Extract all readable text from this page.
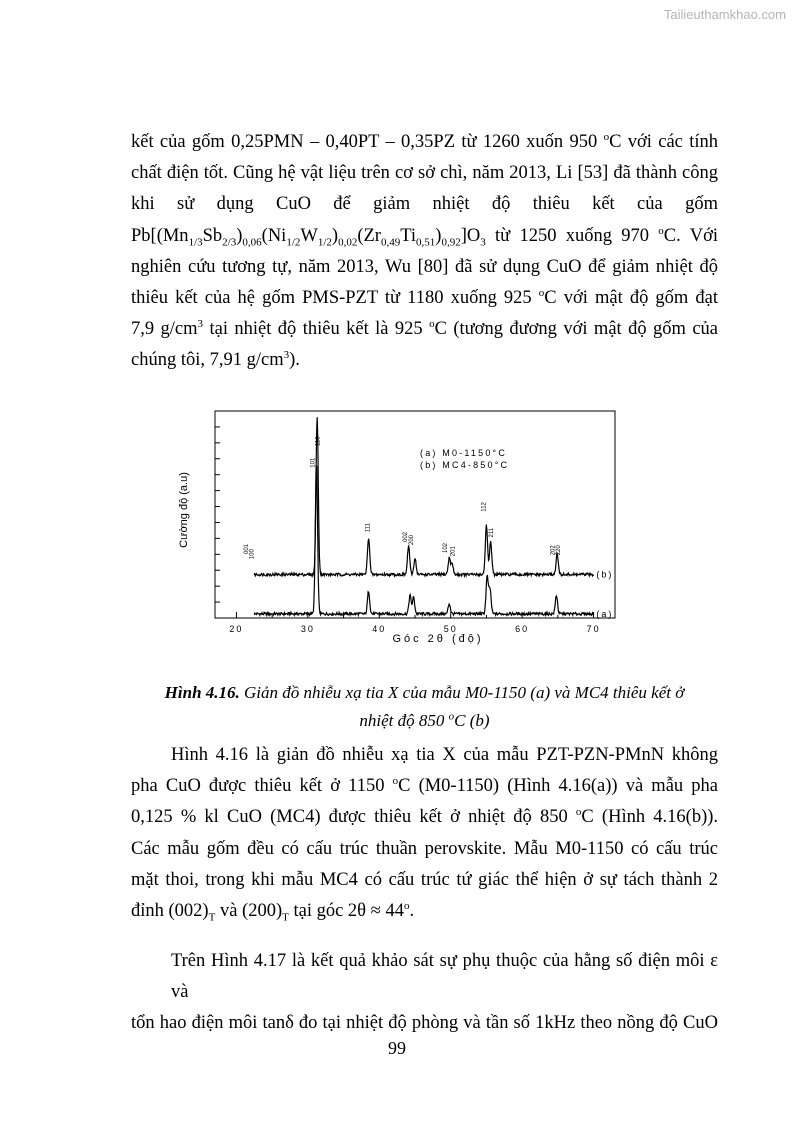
Tailieuthamkhao.com
kết của gốm 0,25PMN – 0,40PT – 0,35PZ từ 1260 xuốn 950 $^o$C với các tính
chất điện tốt. Cũng hệ vật liệu trên cơ sở chì, năm 2013, Li [53] đã thành công
khi sử dụng CuO để giảm nhiệt độ thiêu kết của gốm
$Pb[(Mn_{1/3}Sb_{2/3})_{0,06}(Ni_{1/2}W_{1/2})_{0,02}(Zr_{0,49}Ti_{0,51})_{0,92}]O_3$ từ 1250 xuống 970 $^o$C. Với
nghiên cứu tương tự, năm 2013, Wu [80] đã sử dụng CuO để giảm nhiệt độ
thiêu kết của hệ gốm PMS-PZT từ 1180 xuống 925 $^o$C với mật độ gốm đạt
7,9 $g/cm^3$ tại nhiệt độ thiêu kết là 925 $^o$C (tương đương với mật độ gốm của
chúng tôi, 7,91 $g/cm^3$).
20	30	40	50	60	70
001
100
101
110
111
002 200
102 201
112
211
202 220
(a)
(b)
(a) M0-1150°C
(b) MC4-850°C
Góc 2θ (độ)
Cường độ (a.u)
Hình 4.16. Giản đồ nhiễu xạ tia X của mẫu M0-1150 (a) và MC4 thiêu kết ở
nhiệt độ 850 $^o$C (b)
Hình 4.16 là giản đồ nhiễu xạ tia X của mẫu PZT-PZN-PMnN không
pha CuO được thiêu kết ở 1150 $^o$C (M0-1150) (Hình 4.16(a)) và mẫu pha
0,125 % kl CuO (MC4) được thiêu kết ở nhiệt độ 850 $^o$C (Hình 4.16(b)).
Các mẫu gốm đều có cấu trúc thuần perovskite. Mẫu M0-1150 có cấu trúc
mặt thoi, trong khi mẫu MC4 có cấu trúc tứ giác thể hiện ở sự tách thành 2
đỉnh $(002)_T$ và $(200)_T$ tại góc $2\theta \approx 44^o$.
Trên Hình 4.17 là kết quả khảo sát sự phụ thuộc của hằng số điện môi ε và
tổn hao điện môi tanδ đo tại nhiệt độ phòng và tần số 1kHz theo nồng độ CuO
99
